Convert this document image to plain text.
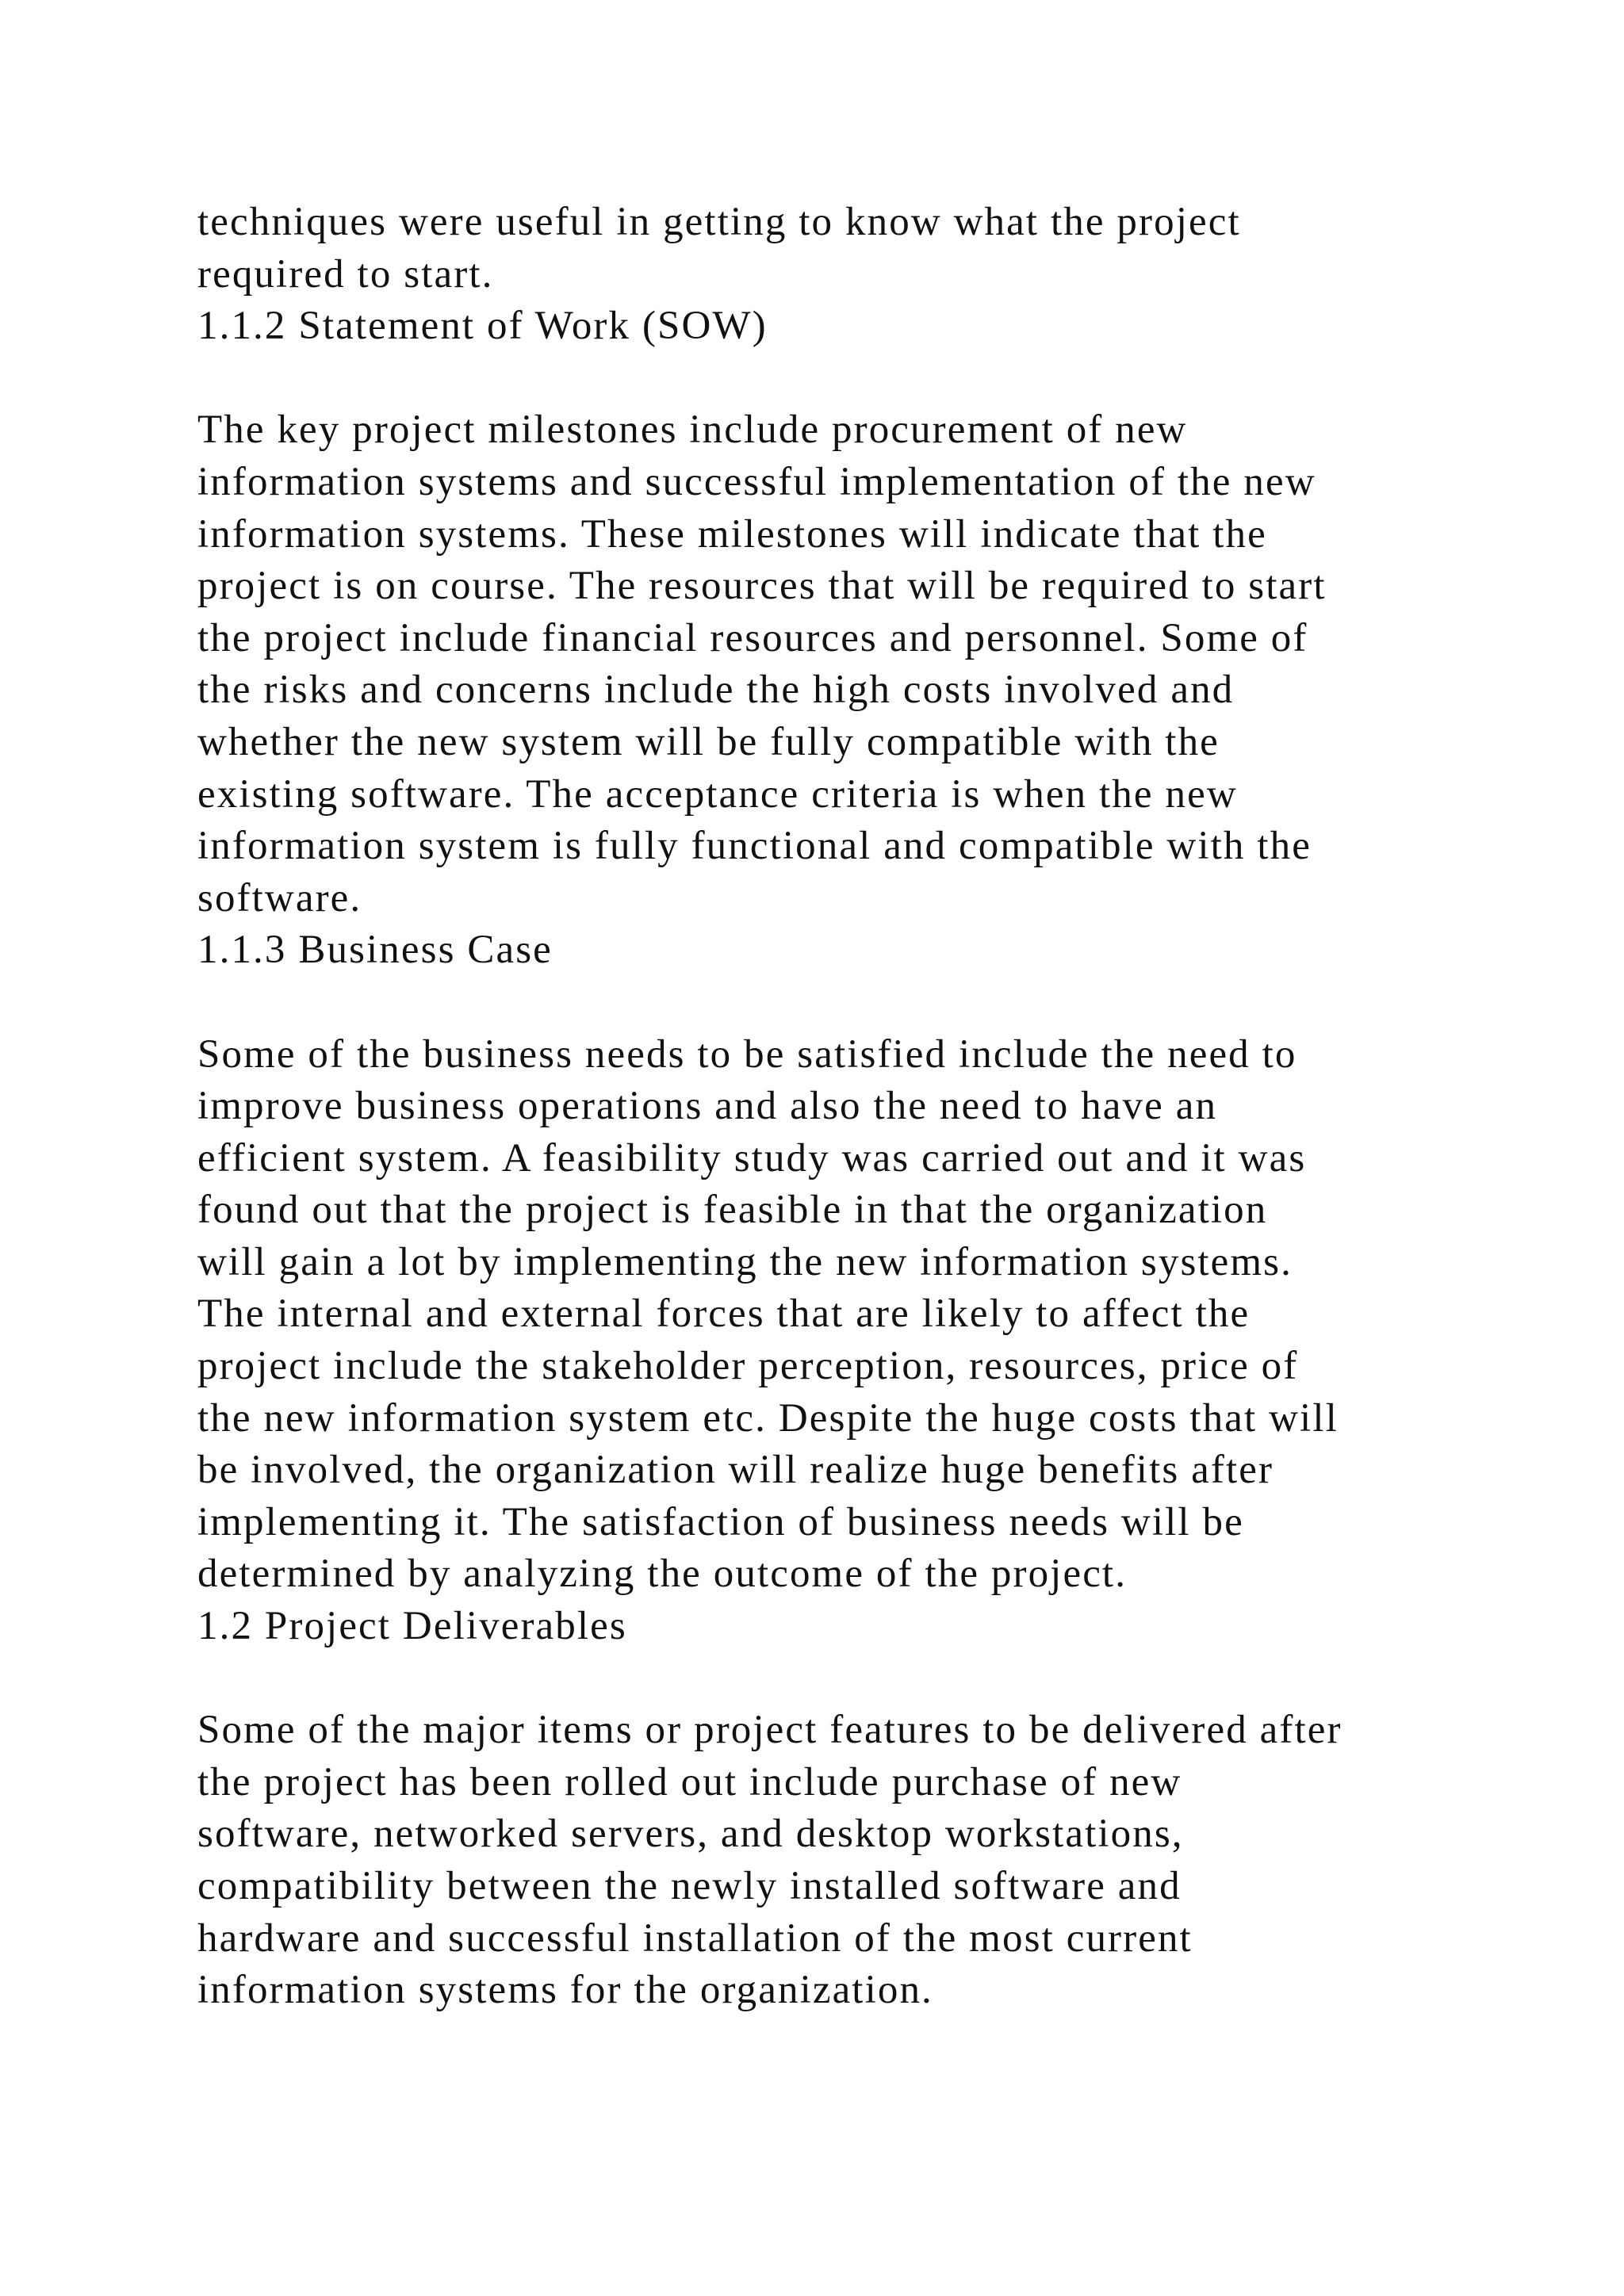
techniques were useful in getting to know what the project
required to start.
1.1.2 Statement of Work (SOW)
The key project milestones include procurement of new
information systems and successful implementation of the new
information systems. These milestones will indicate that the
project is on course. The resources that will be required to start
the project include financial resources and personnel. Some of
the risks and concerns include the high costs involved and
whether the new system will be fully compatible with the
existing software. The acceptance criteria is when the new
information system is fully functional and compatible with the
software.
1.1.3 Business Case
Some of the business needs to be satisfied include the need to
improve business operations and also the need to have an
efficient system. A feasibility study was carried out and it was
found out that the project is feasible in that the organization
will gain a lot by implementing the new information systems.
The internal and external forces that are likely to affect the
project include the stakeholder perception, resources, price of
the new information system etc. Despite the huge costs that will
be involved, the organization will realize huge benefits after
implementing it. The satisfaction of business needs will be
determined by analyzing the outcome of the project.
1.2 Project Deliverables
Some of the major items or project features to be delivered after
the project has been rolled out include purchase of new
software, networked servers, and desktop workstations,
compatibility between the newly installed software and
hardware and successful installation of the most current
information systems for the organization.
